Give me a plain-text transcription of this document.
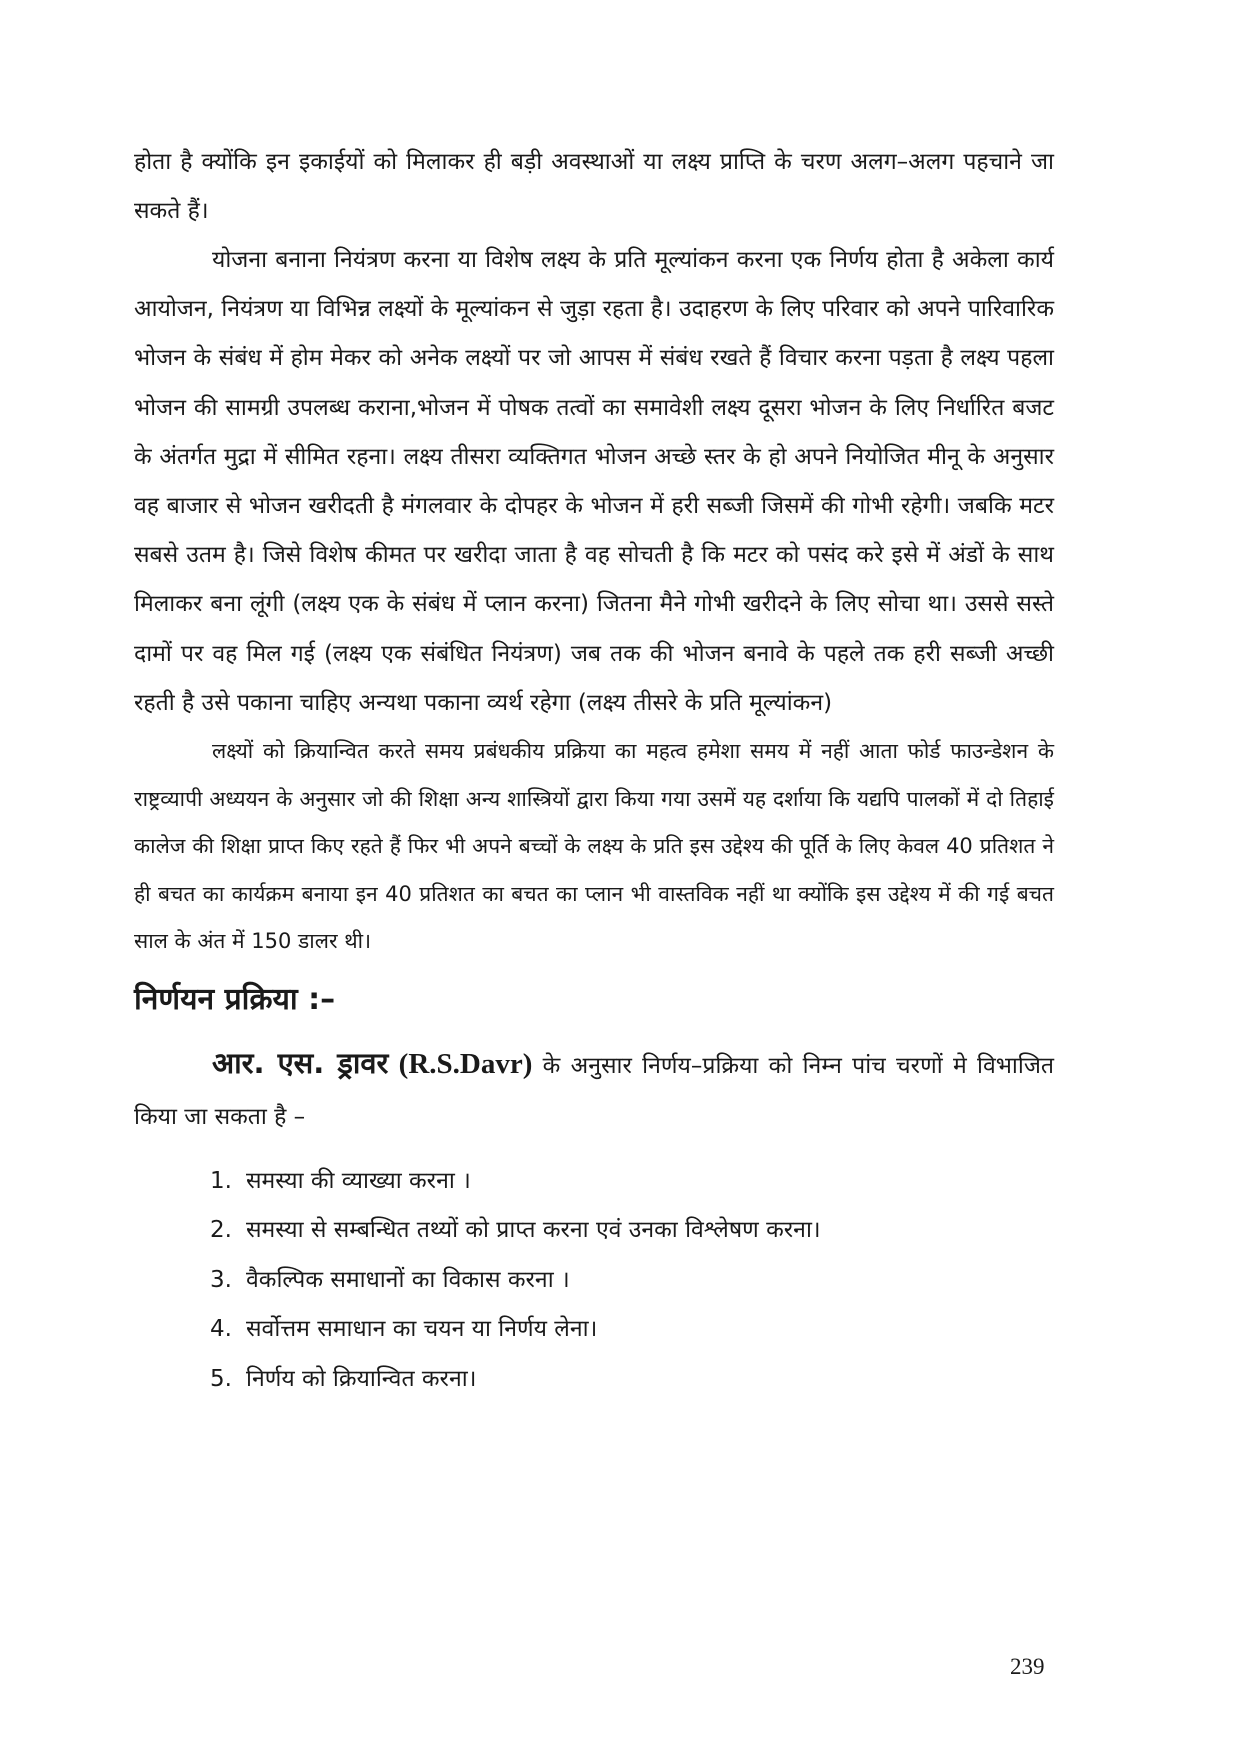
होता है क्योंकि इन इकाईयों को मिलाकर ही बड़ी अवस्थाओं या लक्ष्य प्राप्ति के चरण अलग–अलग पहचाने जा सकते हैं।

योजना बनाना नियंत्रण करना या विशेष लक्ष्य के प्रति मूल्यांकन करना एक निर्णय होता है अकेला कार्य आयोजन, नियंत्रण या विभिन्न लक्ष्यों के मूल्यांकन से जुड़ा रहता है। उदाहरण के लिए परिवार को अपने पारिवारिक भोजन के संबंध में होम मेकर को अनेक लक्ष्यों पर जो आपस में संबंध रखते हैं विचार करना पड़ता है लक्ष्य पहला भोजन की सामग्री उपलब्ध कराना,भोजन में पोषक तत्वों का समावेशी लक्ष्य दूसरा भोजन के लिए निर्धारित बजट के अंतर्गत मुद्रा में सीमित रहना। लक्ष्य तीसरा व्यक्तिगत भोजन अच्छे स्तर के हो अपने नियोजित मीनू के अनुसार वह बाजार से भोजन खरीदती है मंगलवार के दोपहर के भोजन में हरी सब्जी जिसमें की गोभी रहेगी। जबकि मटर सबसे उतम है। जिसे विशेष कीमत पर खरीदा जाता है वह सोचती है कि मटर को पसंद करे इसे में अंडों के साथ मिलाकर बना लूंगी (लक्ष्य एक के संबंध में प्लान करना) जितना मैने गोभी खरीदने के लिए सोचा था। उससे सस्ते दामों पर वह मिल गई (लक्ष्य एक संबंधित नियंत्रण) जब तक की भोजन बनावे के पहले तक हरी सब्जी अच्छी रहती है उसे पकाना चाहिए अन्यथा पकाना व्यर्थ रहेगा (लक्ष्य तीसरे के प्रति मूल्यांकन)

लक्ष्यों को क्रियान्वित करते समय प्रबंधकीय प्रक्रिया का महत्व हमेशा समय में नहीं आता फोर्ड फाउन्डेशन के राष्ट्रव्यापी अध्ययन के अनुसार जो की शिक्षा अन्य शास्त्रियों द्वारा किया गया उसमें यह दर्शाया कि यद्यपि पालकों में दो तिहाई कालेज की शिक्षा प्राप्त किए रहते हैं फिर भी अपने बच्चों के लक्ष्य के प्रति इस उद्देश्य की पूर्ति के लिए केवल 40 प्रतिशत ने ही बचत का कार्यक्रम बनाया इन 40 प्रतिशत का बचत का प्लान भी वास्तविक नहीं था क्योंकि इस उद्देश्य में की गई बचत साल के अंत में 150 डालर थी।

निर्णयन प्रक्रिया :–

आर. एस. ड्रावर (R.S.Davr) के अनुसार निर्णय–प्रक्रिया को निम्न पांच चरणों मे विभाजित किया जा सकता है –

1. समस्या की व्याख्या करना ।
2. समस्या से सम्बन्धित तथ्यों को प्राप्त करना एवं उनका विश्लेषण करना।
3. वैकल्पिक समाधानों का विकास करना ।
4. सर्वोत्तम समाधान का चयन या निर्णय लेना।
5. निर्णय को क्रियान्वित करना।
239
